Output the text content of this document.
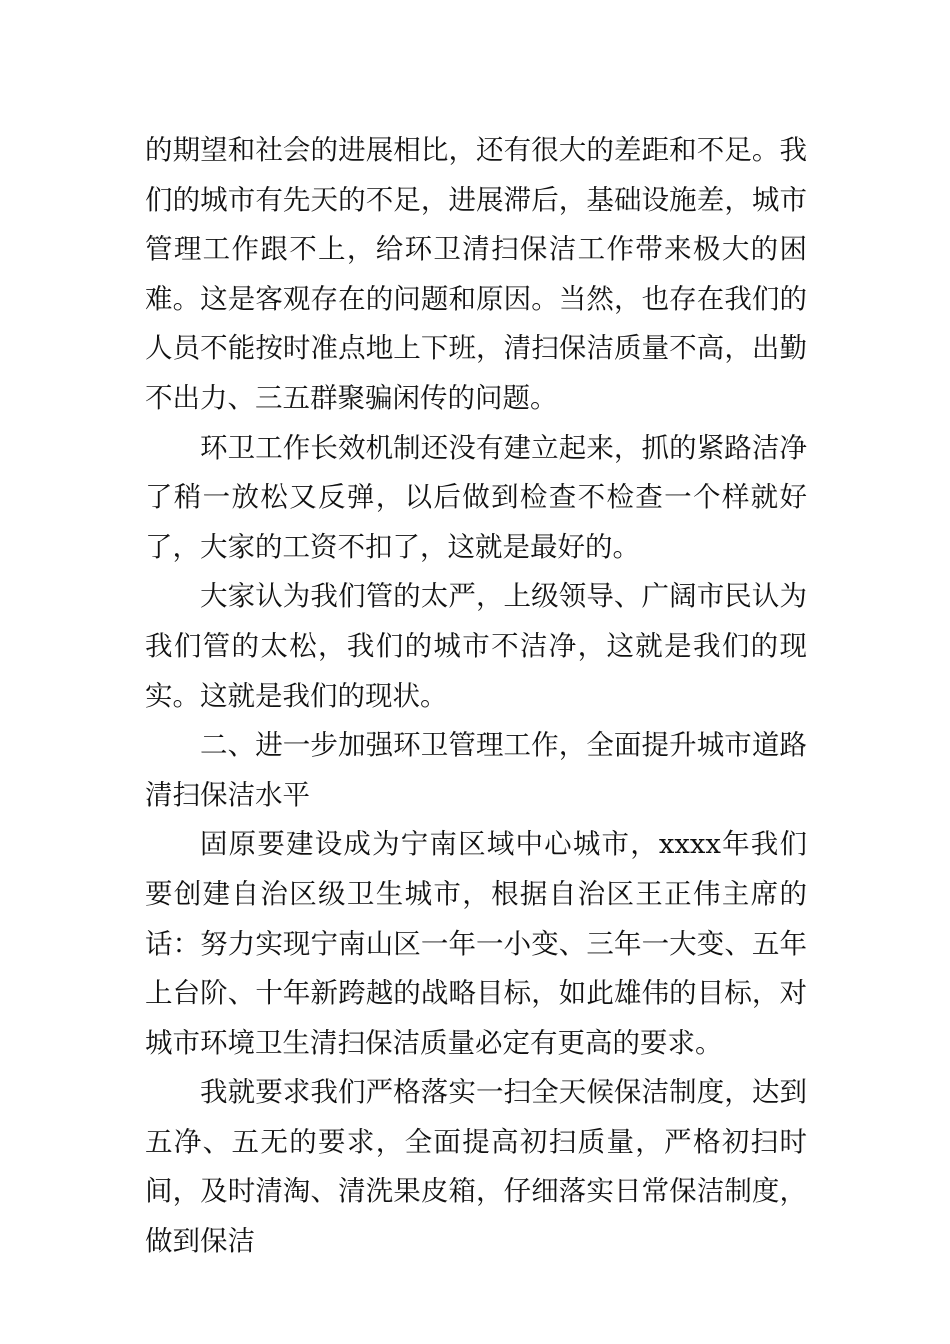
的期望和社会的进展相比，还有很大的差距和不足。我们的城市有先天的不足，进展滞后，基础设施差，城市管理工作跟不上，给环卫清扫保洁工作带来极大的困难。这是客观存在的问题和原因。当然，也存在我们的人员不能按时准点地上下班，清扫保洁质量不高，出勤不出力、三五群聚骗闲传的问题。

环卫工作长效机制还没有建立起来，抓的紧路洁净了稍一放松又反弹，以后做到检查不检查一个样就好了，大家的工资不扣了，这就是最好的。

大家认为我们管的太严，上级领导、广阔市民认为我们管的太松，我们的城市不洁净，这就是我们的现实。这就是我们的现状。

二、进一步加强环卫管理工作，全面提升城市道路清扫保洁水平

固原要建设成为宁南区域中心城市，xxxx年我们要创建自治区级卫生城市，根据自治区王正伟主席的话：努力实现宁南山区一年一小变、三年一大变、五年上台阶、十年新跨越的战略目标，如此雄伟的目标，对城市环境卫生清扫保洁质量必定有更高的要求。

我就要求我们严格落实一扫全天候保洁制度，达到五净、五无的要求，全面提高初扫质量，严格初扫时间，及时清淘、清洗果皮箱，仔细落实日常保洁制度，做到保洁
